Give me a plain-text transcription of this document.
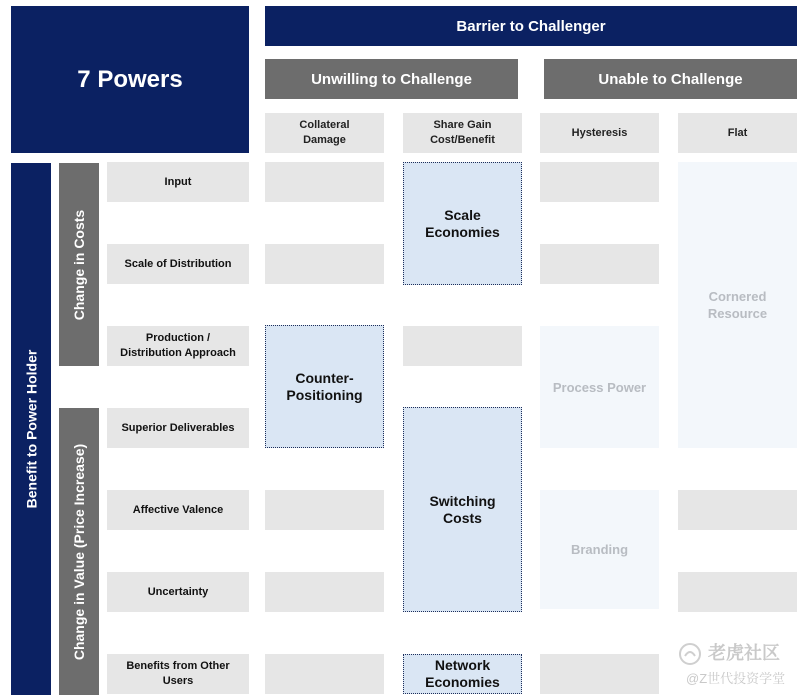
7 Powers
Barrier to Challenger
Unwilling to Challenge	Unable to Challenge
Collateral
Damage
Share Gain
Cost/Benefit
Hysteresis	Flat
Benefit to Power Holder
Change in Costs
Change in Value (Price Increase)
Input
Scale of Distribution
Production /
Distribution Approach
Superior Deliverables
Affective Valence
Uncertainty
Benefits from Other
Users
Cornered
Resource
Process Power
Branding
Scale
Economies
Counter-
Positioning
Switching
Costs
Network
Economies
老虎社区
@Z世代投资学堂
